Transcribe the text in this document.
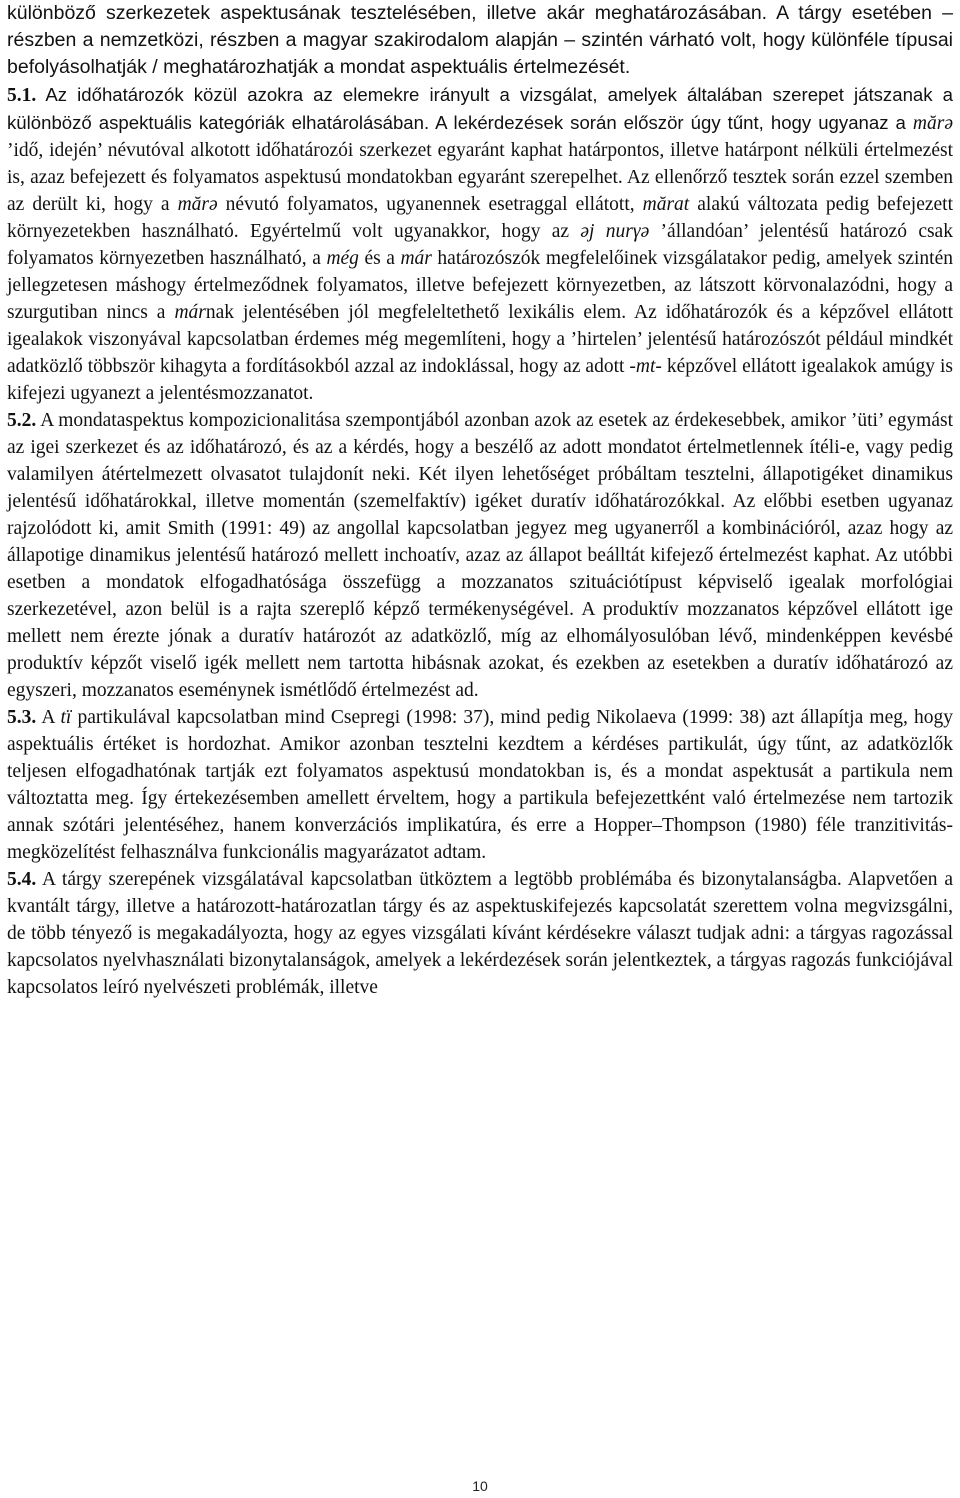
különböző szerkezetek aspektusának tesztelésében, illetve akár meghatározásában. A tárgy esetében – részben a nemzetközi, részben a magyar szakirodalom alapján – szintén várható volt, hogy különféle típusai befolyásolhatják / meghatározhatják a mondat aspektuális értelmezését.

5.1. Az időhatározók közül azokra az elemekre irányult a vizsgálat, amelyek általában szerepet játszanak a különböző aspektuális kategóriák elhatárolásában. A lekérdezések során először úgy tűnt, hogy ugyanaz a mărə ’idő, idején’ névutóval alkotott időhatározói szerkezet egyaránt kaphat határpontos, illetve határpont nélküli értelmezést is, azaz befejezett és folyamatos aspektusú mondatokban egyaránt szerepelhet. Az ellenőrző tesztek során ezzel szemben az derült ki, hogy a mărə névutó folyamatos, ugyanennek esetraggal ellátott, mărat alakú változata pedig befejezett környezetekben használható. Egyértelmű volt ugyanakkor, hogy az əj nurγə ’állandóan’ jelentésű határozó csak folyamatos környezetben használható, a még és a már határozószók megfelelőinek vizsgálatakor pedig, amelyek szintén jellegzetesen máshogy értelmeződnek folyamatos, illetve befejezett környezetben, az látszott körvonalazódni, hogy a szurgutiban nincs a márnak jelentésében jól megfeleltethető lexikális elem. Az időhatározók és a képzővel ellátott igealakok viszonyával kapcsolatban érdemes még megemlíteni, hogy a ’hirtelen’ jelentésű határozószót például mindkét adatközlő többször kihagyta a fordításokból azzal az indoklással, hogy az adott -mt- képzővel ellátott igealakok amúgy is kifejezi ugyanezt a jelentésmozzanatot.

5.2. A mondataspektus kompozicionalitása szempontjából azonban azok az esetek az érdekesebbek, amikor ’üti’ egymást az igei szerkezet és az időhatározó, és az a kérdés, hogy a beszélő az adott mondatot értelmetlennek ítéli-e, vagy pedig valamilyen átértelmezett olvasatot tulajdonít neki. Két ilyen lehetőséget próbáltam tesztelni, állapotigéket dinamikus jelentésű időhatárokkal, illetve momentán (szemelfaktív) igéket duratív időhatározókkal. Az előbbi esetben ugyanaz rajzolódott ki, amit Smith (1991: 49) az angollal kapcsolatban jegyez meg ugyanerről a kombinációról, azaz hogy az állapotige dinamikus jelentésű határozó mellett inchoatív, azaz az állapot beálltát kifejező értelmezést kaphat. Az utóbbi esetben a mondatok elfogadhatósága összefügg a mozzanatos szituációtípust képviselő igealak morfológiai szerkezetével, azon belül is a rajta szereplő képző termékenységével. A produktív mozzanatos képzővel ellátott ige mellett nem érezte jónak a duratív határozót az adatközlő, míg az elhomályosulóban lévő, mindenképpen kevésbé produktív képzőt viselő igék mellett nem tartotta hibásnak azokat, és ezekben az esetekben a duratív időhatározó az egyszeri, mozzanatos eseménynek ismétlődő értelmezést ad.

5.3. A tï partikulával kapcsolatban mind Csepregi (1998: 37), mind pedig Nikolaeva (1999: 38) azt állapítja meg, hogy aspektuális értéket is hordozhat. Amikor azonban tesztelni kezdtem a kérdéses partikulát, úgy tűnt, az adatközlők teljesen elfogadhatónak tartják ezt folyamatos aspektusú mondatokban is, és a mondat aspektusát a partikula nem változtatta meg. Így értekezésemben amellett érveltem, hogy a partikula befejezettként való értelmezése nem tartozik annak szótári jelentéséhez, hanem konverzációs implikatúra, és erre a Hopper–Thompson (1980) féle tranzitivitás-megközelítést felhasználva funkcionális magyarázatot adtam.

5.4. A tárgy szerepének vizsgálatával kapcsolatban ütköztem a legtöbb problémába és bizonytalanságba. Alapvetően a kvantált tárgy, illetve a határozott-határozatlan tárgy és az aspektuskifejezés kapcsolatát szerettem volna megvizsgálni, de több tényező is megakadályozta, hogy az egyes vizsgálati kívánt kérdésekre választ tudjak adni: a tárgyas ragozással kapcsolatos nyelvhasználati bizonytalanságok, amelyek a lekérdezések során jelentkeztek, a tárgyas ragozás funkciójával kapcsolatos leíró nyelvészeti problémák, illetve

10
